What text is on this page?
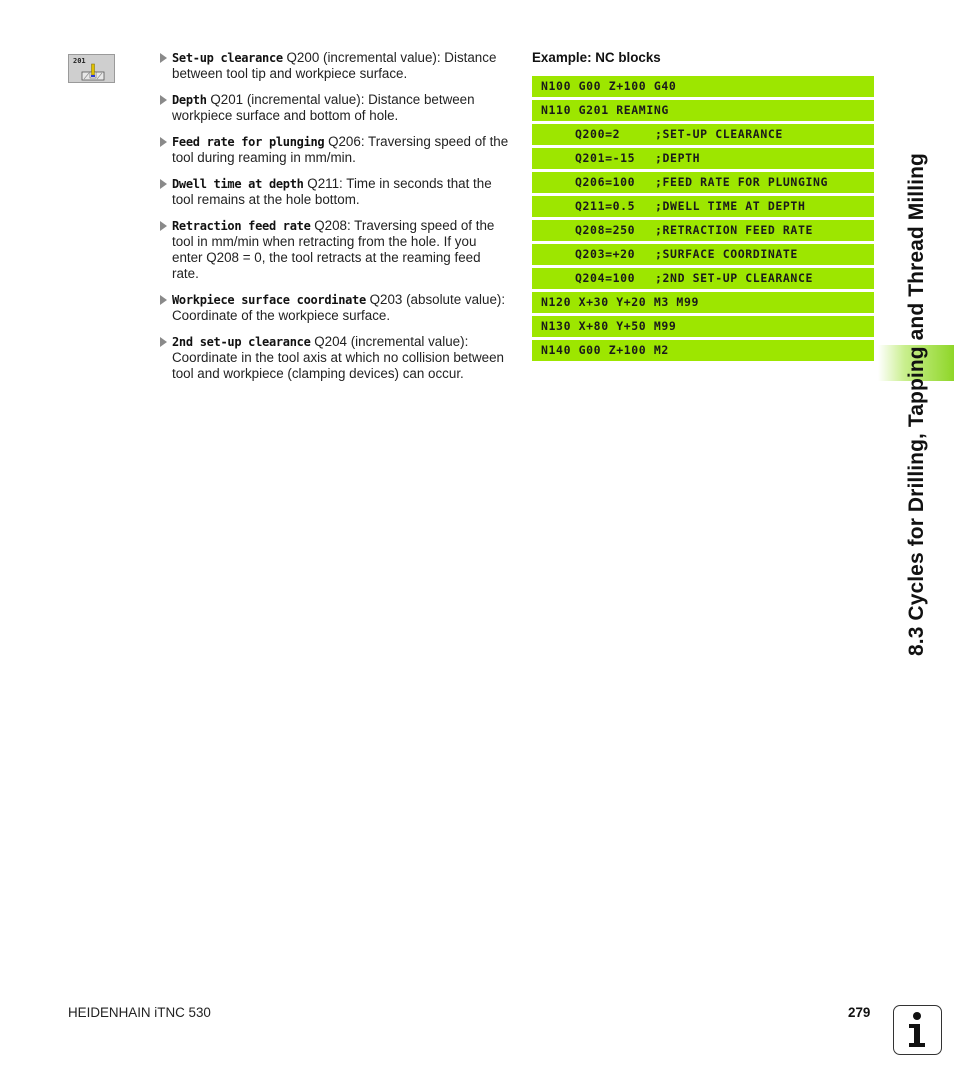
201	Set-up clearance Q200 (incremental value): Distance between tool tip and workpiece surface.
Depth Q201 (incremental value): Distance between workpiece surface and bottom of hole.
Feed rate for plunging Q206: Traversing speed of the tool during reaming in mm/min.
Dwell time at depth Q211: Time in seconds that the tool remains at the hole bottom.
Retraction feed rate Q208: Traversing speed of the tool in mm/min when retracting from the hole. If you enter Q208 = 0, the tool retracts at the reaming feed rate.
Workpiece surface coordinate Q203 (absolute value): Coordinate of the workpiece surface.
2nd set-up clearance Q204 (incremental value): Coordinate in the tool axis at which no collision between tool and workpiece (clamping devices) can occur.
Example: NC blocks
N100 G00 Z+100 G40
N110 G201 REAMING
Q200=2	;SET-UP CLEARANCE
Q201=-15 ;DEPTH
Q206=100 ;FEED RATE FOR PLUNGING
Q211=0.5 ;DWELL TIME AT DEPTH
Q208=250 ;RETRACTION FEED RATE
Q203=+20 ;SURFACE COORDINATE
Q204=100 ;2ND SET-UP CLEARANCE
N120 X+30 Y+20 M3 M99
N130 X+80 Y+50 M99
N140 G00 Z+100 M2	8.3 Cycles for Drilling, Tapping and Thread Milling
HEIDENHAIN iTNC 530	279
